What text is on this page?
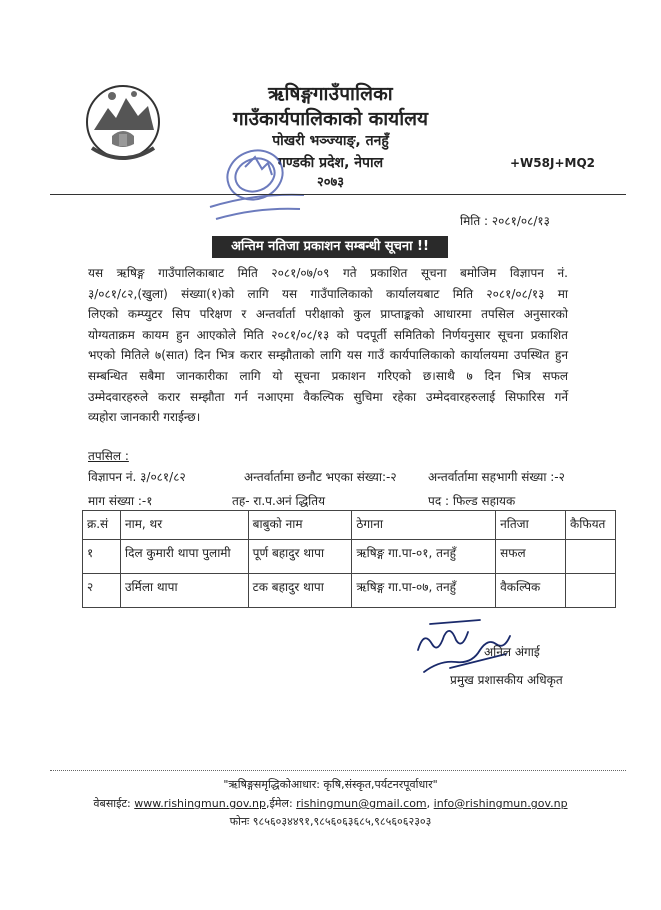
ऋषिङ्गगाउँपालिका
गाउँकार्यपालिकाको कार्यालय
पोखरी भञ्ज्याङ्, तनहुँ
गण्डकी प्रदेश, नेपाल
२०७३
+W58J+MQ2
मिति : २०८१/०८/१३
अन्तिम नतिजा प्रकाशन सम्बन्धी सूचना !!
यस ऋषिङ्ग गाउँपालिकाबाट मिति २०८१/०७/०९ गते प्रकाशित सूचना बमोजिम विज्ञापन नं.
३/०८१/८२,(खुला) संख्या(१)को लागि यस गाउँपालिकाको कार्यालयबाट मिति २०८१/०८/१३ मा
लिएको कम्प्युटर सिप परिक्षण र अन्तर्वार्ता परीक्षाको कुल प्राप्ताङ्कको आधारमा तपसिल अनुसारको
योग्यताक्रम कायम हुन आएकोले मिति २०८१/०८/१३ को पदपूर्ती समितिको निर्णयनुसार सूचना प्रकाशित
भएको मितिले ७(सात) दिन भित्र करार सम्झौताको लागि यस गाउँ कार्यपालिकाको कार्यालयमा उपस्थित हुन
सम्बन्धित सबैमा जानकारीका लागि यो सूचना प्रकाशन गरिएको छ।साथै ७ दिन भित्र सफल
उम्मेदवारहरुले करार सम्झौता गर्न नआएमा वैकल्पिक सुचिमा रहेका उम्मेदवारहरुलाई सिफारिस गर्ने
व्यहोरा जानकारी गराईन्छ।
तपसिल :
विज्ञापन नं. ३/०८१/८२	अन्तर्वार्तामा छनौट भएका संख्या:-२	अन्तर्वार्तामा सहभागी संख्या :-२
माग संख्या :-१	तह- रा.प.अनं द्धितिय	पद : फिल्ड सहायक
क्र.सं	नाम, थर	बाबुको नाम	ठेगाना	नतिजा	कैफियत
१	दिल कुमारी थापा पुलामी	पूर्ण बहादुर थापा	ऋषिङ्ग गा.पा-०१, तनहुँ	सफल	
२	उर्मिला थापा	टक बहादुर थापा	ऋषिङ्ग गा.पा-०७, तनहुँ	वैकल्पिक	
अनिल अंगाई
प्रमुख प्रशासकीय अधिकृत
"ऋषिङ्गसमृद्धिकोआधार: कृषि,संस्कृत,पर्यटनरपूर्वाधार"
वेबसाईट: www.rishingmun.gov.np,ईमेल: rishingmun@gmail.com, info@rishingmun.gov.np
फोनः ९८५६०३४४९१,९८५६०६३६८५,९८५६०६२३०३
